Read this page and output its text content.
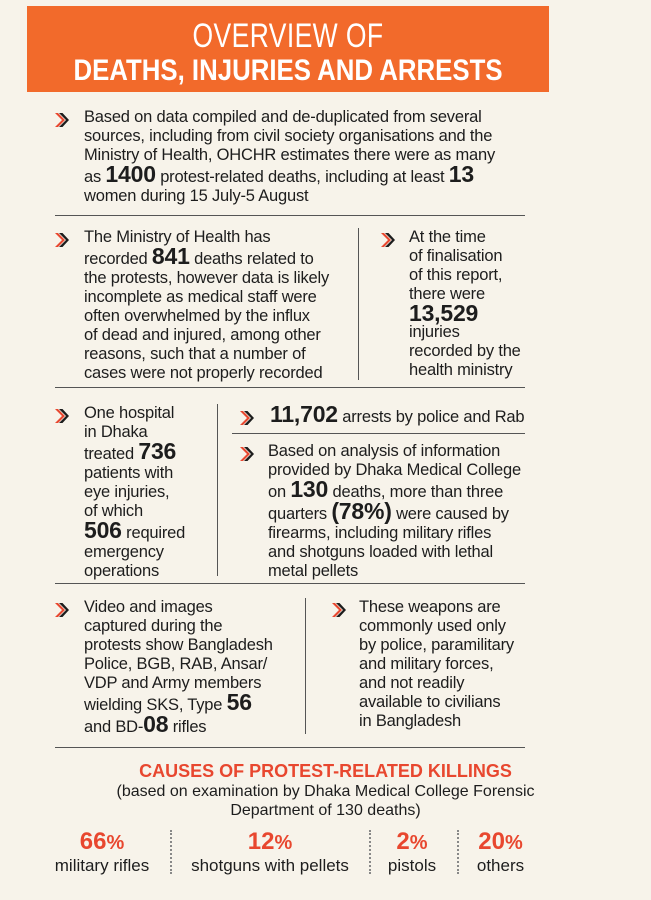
OVERVIEW OF
DEATHS, INJURIES AND ARRESTS
Based on data compiled and de-duplicated from several
sources, including from civil society organisations and the
Ministry of Health, OHCHR estimates there were as many
as 1400 protest-related deaths, including at least 13
women during 15 July-5 August
The Ministry of Health has
recorded 841 deaths related to
the protests, however data is likely
incomplete as medical staff were
often overwhelmed by the influx
of dead and injured, among other
reasons, such that a number of
cases were not properly recorded
At the time
of finalisation
of this report,
there were
13,529
injuries
recorded by the
health ministry
One hospital
in Dhaka
treated 736
patients with
eye injuries,
of which
506 required
emergency
operations
11,702 arrests by police and Rab
Based on analysis of information
provided by Dhaka Medical College
on 130 deaths, more than three
quarters (78%) were caused by
firearms, including military rifles
and shotguns loaded with lethal
metal pellets
Video and images
captured during the
protests show Bangladesh
Police, BGB, RAB, Ansar/
VDP and Army members
wielding SKS, Type 56
and BD-08 rifles
These weapons are
commonly used only
by police, paramilitary
and military forces,
and not readily
available to civilians
in Bangladesh
CAUSES OF PROTEST-RELATED KILLINGS
(based on examination by Dhaka Medical College Forensic
Department of 130 deaths)
66%
military rifles
12%
shotguns with pellets
2%
pistols
20%
others
